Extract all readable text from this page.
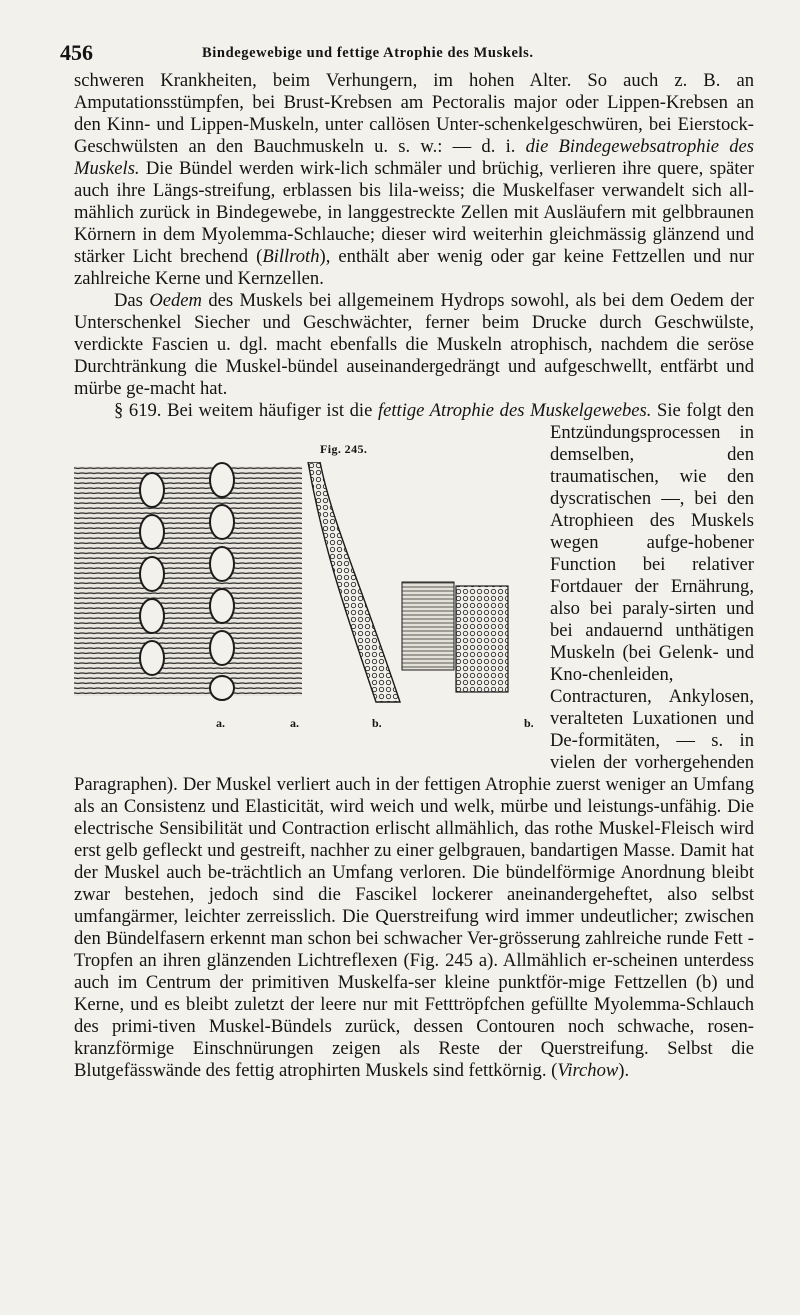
456	Bindegewebige und fettige Atrophie des Muskels.

schweren Krankheiten, beim Verhungern, im hohen Alter. So auch z. B. an Amputationsstümpfen, bei Brust-Krebsen am Pectoralis major oder Lippen-Krebsen an den Kinn- und Lippen-Muskeln, unter callösen Unter-schenkelgeschwüren, bei Eierstock-Geschwülsten an den Bauchmuskeln u. s. w.: — d. i. die Bindegewebsatrophie des Muskels. Die Bündel werden wirk-lich schmäler und brüchig, verlieren ihre quere, später auch ihre Längs-streifung, erblassen bis lila-weiss; die Muskelfaser verwandelt sich all-mählich zurück in Bindegewebe, in langgestreckte Zellen mit Ausläufern mit gelbbraunen Körnern in dem Myolemma-Schlauche; dieser wird weiterhin gleichmässig glänzend und stärker Licht brechend (Billroth), enthält aber wenig oder gar keine Fettzellen und nur zahlreiche Kerne und Kernzellen.

Das Oedem des Muskels bei allgemeinem Hydrops sowohl, als bei dem Oedem der Unterschenkel Siecher und Geschwächter, ferner beim Drucke durch Geschwülste, verdickte Fascien u. dgl. macht ebenfalls die Muskeln atrophisch, nachdem die seröse Durchtränkung die Muskel-bündel auseinandergedrängt und aufgeschwellt, entfärbt und mürbe ge-macht hat.

§ 619. Bei weitem häufiger ist die fettige Atrophie des Muskelgewebes.
Fig. 245.
a.	a.	b.	b.
Sie folgt den Entzündungsprocessen in demselben, den traumatischen, wie den dyscratischen —, bei den Atrophieen des Muskels wegen aufge-hobener Function bei relativer Fortdauer der Ernährung, also bei paraly-sirten und bei andauernd unthätigen Muskeln (bei Gelenk- und Kno-chenleiden, Contracturen, Ankylosen, veralteten Luxationen und De-formitäten, — s. in vielen der vorhergehenden Paragraphen). Der Muskel verliert auch in der fettigen Atrophie zuerst weniger an Umfang als an Consistenz und Elasticität, wird weich und welk, mürbe und leistungs-unfähig. Die electrische Sensibilität und Contraction erlischt allmählich, das rothe Muskel-Fleisch wird erst gelb gefleckt und gestreift, nachher zu einer gelbgrauen, bandartigen Masse. Damit hat der Muskel auch be-trächtlich an Umfang verloren. Die bündelförmige Anordnung bleibt zwar bestehen, jedoch sind die Fascikel lockerer aneinandergeheftet, also selbst umfangärmer, leichter zerreisslich. Die Querstreifung wird immer undeutlicher; zwischen den Bündelfasern erkennt man schon bei schwacher Ver-grösserung zahlreiche runde Fett - Tropfen an ihren glänzenden Lichtreflexen (Fig. 245 a). Allmählich er-scheinen unterdess auch im Centrum der primitiven Muskelfa-ser kleine punktför-mige Fettzellen (b) und Kerne, und es bleibt zuletzt der leere nur mit Fetttröpfchen gefüllte Myolemma-Schlauch des primi-tiven Muskel-Bündels zurück, dessen Contouren noch schwache, rosen-kranzförmige Einschnürungen zeigen als Reste der Querstreifung. Selbst die Blutgefässwände des fettig atrophirten Muskels sind fettkörnig. (Virchow).
